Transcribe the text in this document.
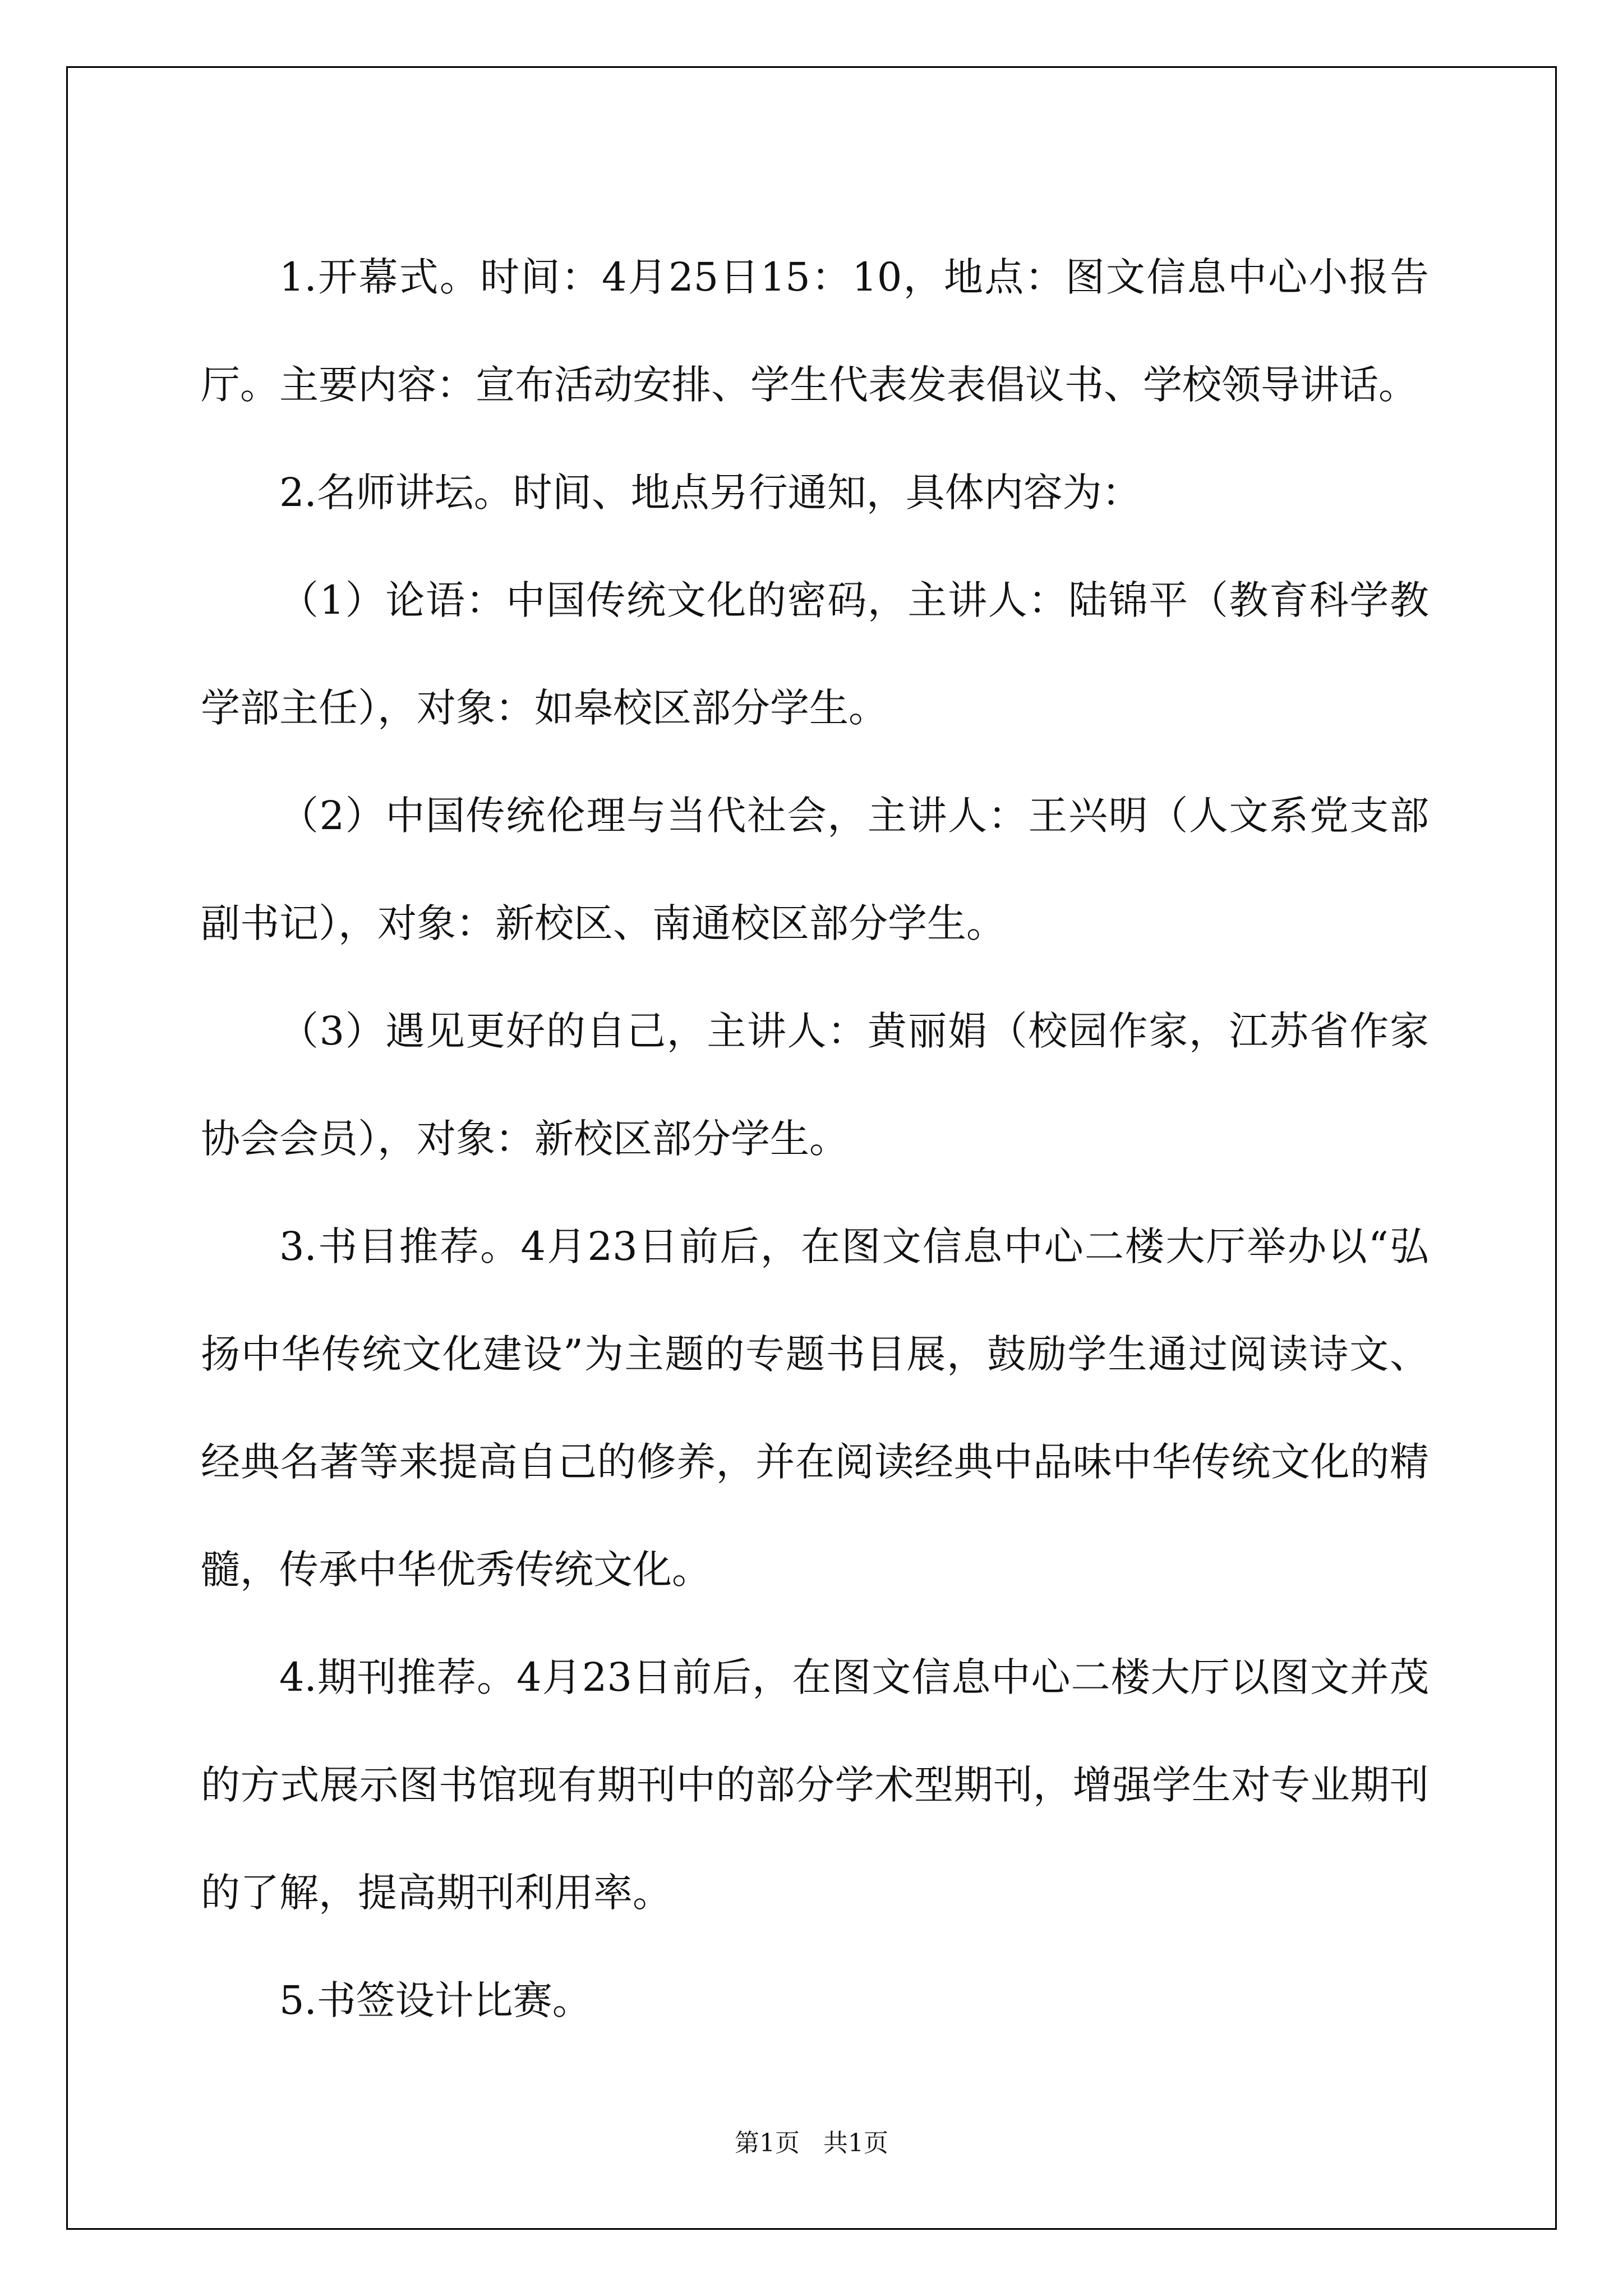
1.开幕式。时间：4月25日15：10，地点：图文信息中心小报告厅。主要内容：宣布活动安排、学生代表发表倡议书、学校领导讲话。

2.名师讲坛。时间、地点另行通知，具体内容为：

（1）论语：中国传统文化的密码，主讲人：陆锦平（教育科学教学部主任），对象：如皋校区部分学生。

（2）中国传统伦理与当代社会，主讲人：王兴明（人文系党支部副书记），对象：新校区、南通校区部分学生。

（3）遇见更好的自己，主讲人：黄丽娟（校园作家，江苏省作家协会会员），对象：新校区部分学生。

3.书目推荐。4月23日前后，在图文信息中心二楼大厅举办以“弘扬中华传统文化建设”为主题的专题书目展，鼓励学生通过阅读诗文、经典名著等来提高自己的修养，并在阅读经典中品味中华传统文化的精髓，传承中华优秀传统文化。

4.期刊推荐。4月23日前后，在图文信息中心二楼大厅以图文并茂的方式展示图书馆现有期刊中的部分学术型期刊，增强学生对专业期刊的了解，提高期刊利用率。

5.书签设计比赛。

第1页   共1页
